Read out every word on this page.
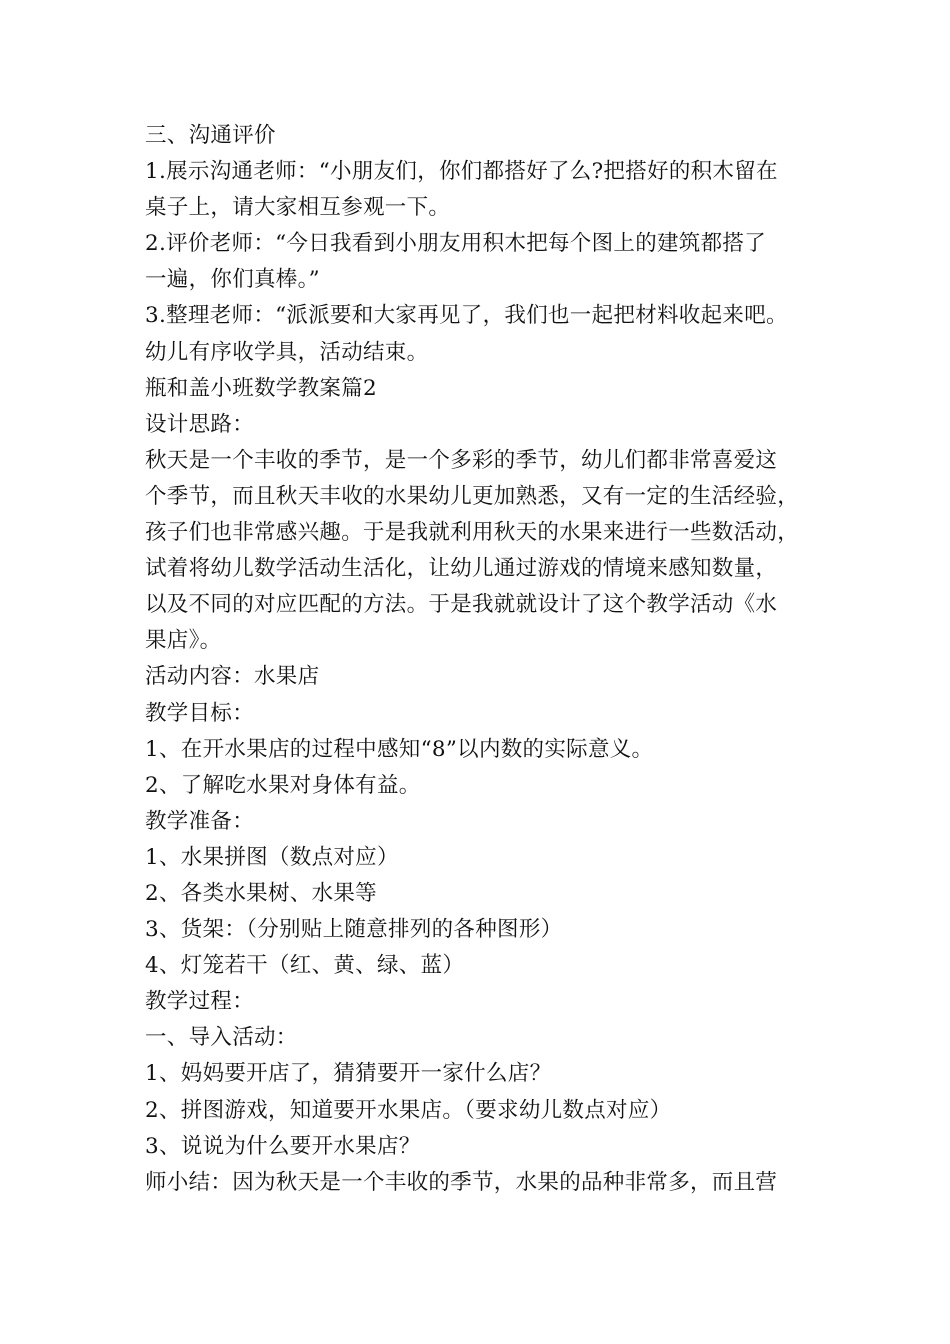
三、沟通评价
1.展示沟通老师：“小朋友们，你们都搭好了么?把搭好的积木留在
桌子上，请大家相互参观一下。
2.评价老师：“今日我看到小朋友用积木把每个图上的建筑都搭了
一遍，你们真棒。”
3.整理老师：“派派要和大家再见了，我们也一起把材料收起来吧。
幼儿有序收学具，活动结束。
瓶和盖小班数学教案篇2
设计思路：
秋天是一个丰收的季节，是一个多彩的季节，幼儿们都非常喜爱这
个季节，而且秋天丰收的水果幼儿更加熟悉，又有一定的生活经验，
孩子们也非常感兴趣。于是我就利用秋天的水果来进行一些数活动，
试着将幼儿数学活动生活化，让幼儿通过游戏的情境来感知数量，
以及不同的对应匹配的方法。于是我就就设计了这个教学活动《水
果店》。
活动内容：水果店
教学目标：
1、在开水果店的过程中感知“8”以内数的实际意义。
2、了解吃水果对身体有益。
教学准备：
1、水果拼图（数点对应）
2、各类水果树、水果等
3、货架：（分别贴上随意排列的各种图形）
4、灯笼若干（红、黄、绿、蓝）
教学过程：
一、导入活动：
1、妈妈要开店了，猜猜要开一家什么店？
2、拼图游戏，知道要开水果店。（要求幼儿数点对应）
3、说说为什么要开水果店？
师小结：因为秋天是一个丰收的季节，水果的品种非常多，而且营
